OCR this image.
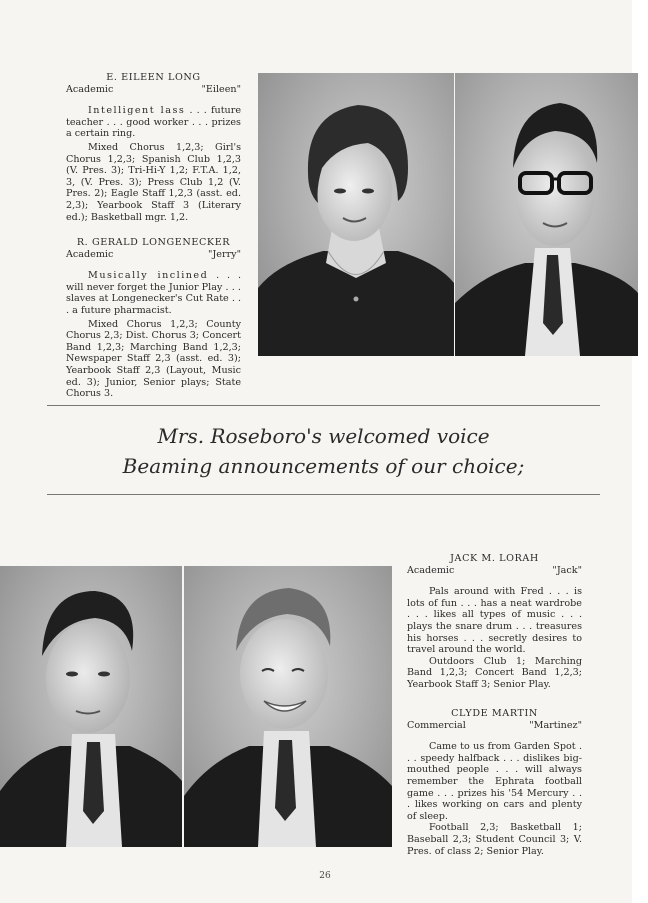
E. EILEEN LONG
Academic	"Eileen"

Intelligent lass . . . future teacher . . . good worker . . . prizes a certain ring.

Mixed Chorus 1,2,3; Girl's Chorus 1,2,3; Spanish Club 1,2,3 (V. Pres. 3); Tri-Hi-Y 1,2; F.T.A. 1,2, 3, (V. Pres. 3); Press Club 1,2 (V. Pres. 2); Eagle Staff 1,2,3 (asst. ed. 2,3); Yearbook Staff 3 (Literary ed.); Basketball mgr. 1,2.

R. GERALD LONGENECKER
Academic	"Jerry"

Musically inclined . . . will never forget the Junior Play . . . slaves at Longenecker's Cut Rate . . . a future pharmacist.

Mixed Chorus 1,2,3; County Chorus 2,3; Dist. Chorus 3; Concert Band 1,2,3; Marching Band 1,2,3; Newspaper Staff 2,3 (asst. ed. 3); Yearbook Staff 2,3 (Layout, Music ed. 3); Junior, Senior plays; State Chorus 3.

Mrs. Roseboro's welcomed voice
Beaming announcements of our choice;
JACK M. LORAH
Academic	"Jack"

Pals around with Fred . . . is lots of fun . . . has a neat wardrobe . . . likes all types of music . . . plays the snare drum . . . treasures his horses . . . secretly desires to travel around the world.

Outdoors Club 1; Marching Band 1,2,3; Concert Band 1,2,3; Yearbook Staff 3; Senior Play.

CLYDE MARTIN
Commercial	"Martinez"

Came to us from Garden Spot . . . speedy halfback . . . dislikes big-mouthed people . . . will always remember the Ephrata football game . . . prizes his '54 Mercury . . . likes working on cars and plenty of sleep.

Football 2,3; Basketball 1; Baseball 2,3; Student Council 3; V. Pres. of class 2; Senior Play.

26
